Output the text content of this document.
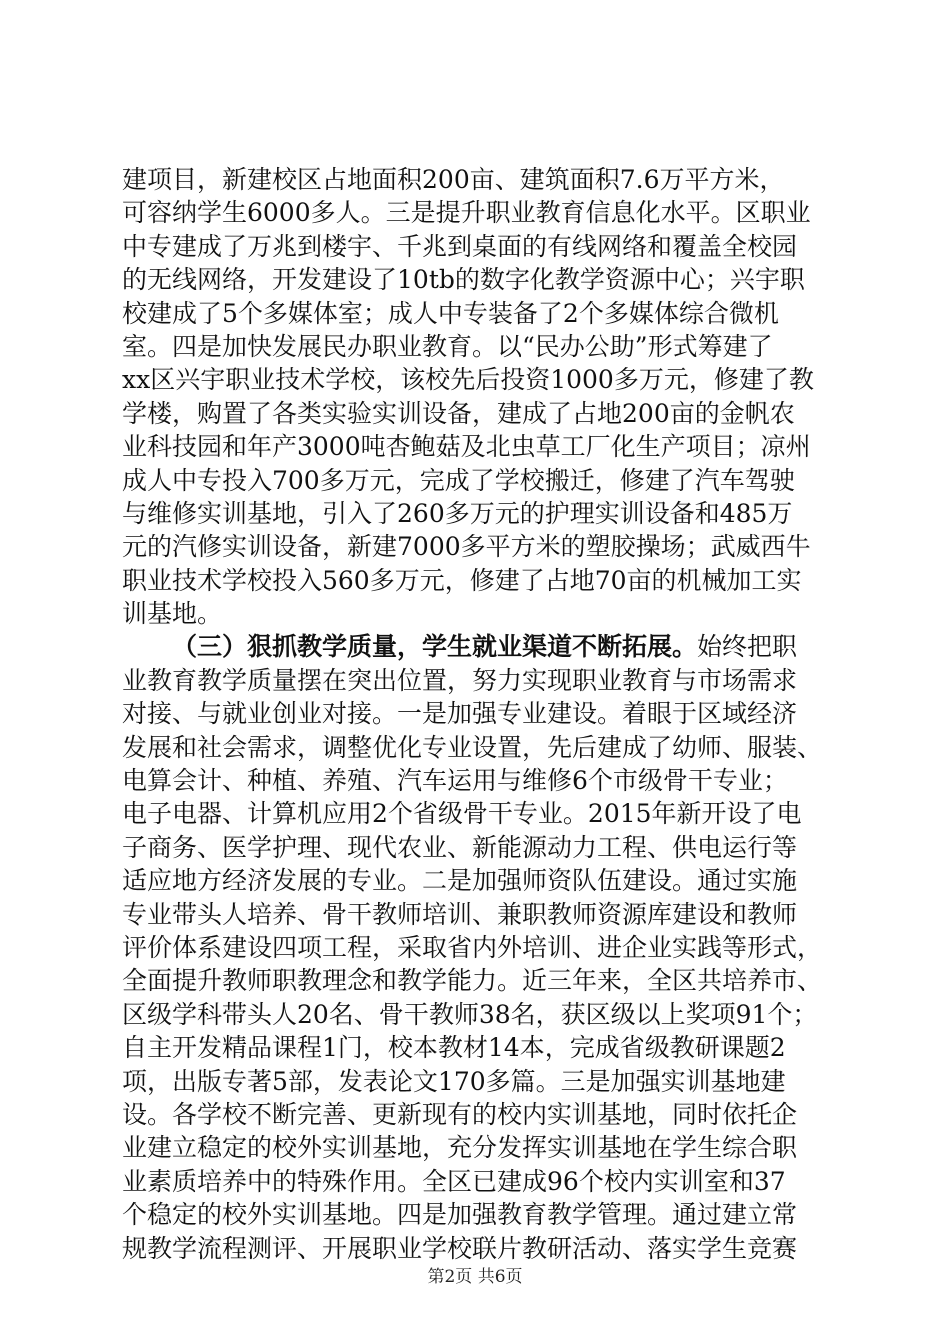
建项目，新建校区占地面积200亩、建筑面积7.6万平方米，
可容纳学生6000多人。三是提升职业教育信息化水平。区职业
中专建成了万兆到楼宇、千兆到桌面的有线网络和覆盖全校园
的无线网络，开发建设了10tb的数字化教学资源中心；兴宇职
校建成了5个多媒体室；成人中专装备了2个多媒体综合微机
室。四是加快发展民办职业教育。以“民办公助”形式筹建了
xx区兴宇职业技术学校，该校先后投资1000多万元，修建了教
学楼，购置了各类实验实训设备，建成了占地200亩的金帆农
业科技园和年产3000吨杏鲍菇及北虫草工厂化生产项目；凉州
成人中专投入700多万元，完成了学校搬迁，修建了汽车驾驶
与维修实训基地，引入了260多万元的护理实训设备和485万
元的汽修实训设备，新建7000多平方米的塑胶操场；武威西牛
职业技术学校投入560多万元，修建了占地70亩的机械加工实
训基地。
（三）狠抓教学质量，学生就业渠道不断拓展。始终把职
业教育教学质量摆在突出位置，努力实现职业教育与市场需求
对接、与就业创业对接。一是加强专业建设。着眼于区域经济
发展和社会需求，调整优化专业设置，先后建成了幼师、服装、
电算会计、种植、养殖、汽车运用与维修6个市级骨干专业；
电子电器、计算机应用2个省级骨干专业。2015年新开设了电
子商务、医学护理、现代农业、新能源动力工程、供电运行等
适应地方经济发展的专业。二是加强师资队伍建设。通过实施
专业带头人培养、骨干教师培训、兼职教师资源库建设和教师
评价体系建设四项工程，采取省内外培训、进企业实践等形式，
全面提升教师职教理念和教学能力。近三年来，全区共培养市、
区级学科带头人20名、骨干教师38名，获区级以上奖项91个；
自主开发精品课程1门，校本教材14本，完成省级教研课题2
项，出版专著5部，发表论文170多篇。三是加强实训基地建
设。各学校不断完善、更新现有的校内实训基地，同时依托企
业建立稳定的校外实训基地，充分发挥实训基地在学生综合职
业素质培养中的特殊作用。全区已建成96个校内实训室和37
个稳定的校外实训基地。四是加强教育教学管理。通过建立常
规教学流程测评、开展职业学校联片教研活动、落实学生竞赛
第2页 共6页
